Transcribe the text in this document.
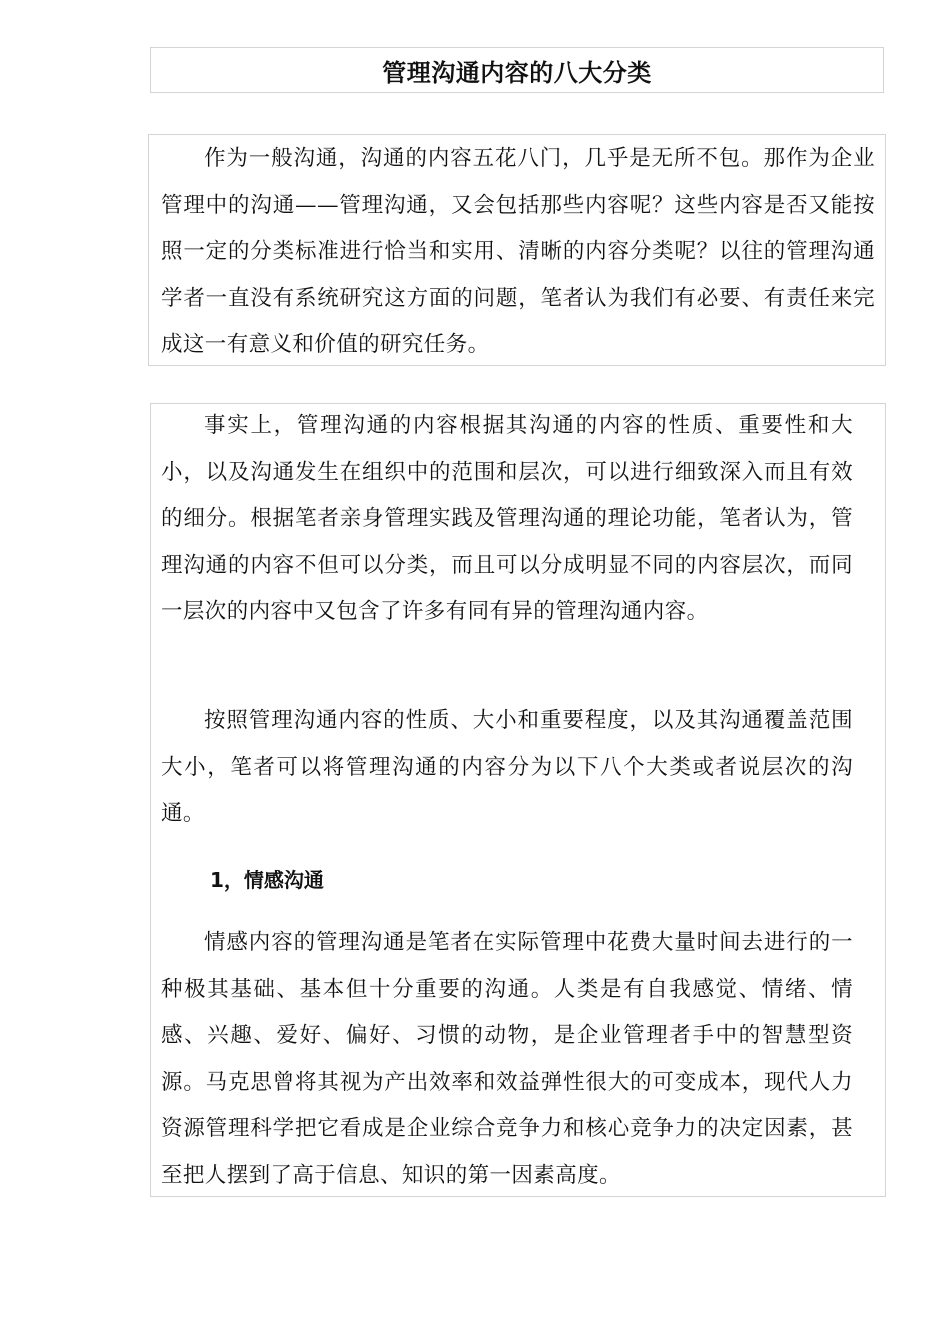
管理沟通内容的八大分类

作为一般沟通，沟通的内容五花八门，几乎是无所不包。那作为企业管理中的沟通——管理沟通，又会包括那些内容呢？这些内容是否又能按照一定的分类标准进行恰当和实用、清晰的内容分类呢？以往的管理沟通学者一直没有系统研究这方面的问题，笔者认为我们有必要、有责任来完成这一有意义和价值的研究任务。

事实上，管理沟通的内容根据其沟通的内容的性质、重要性和大小，以及沟通发生在组织中的范围和层次，可以进行细致深入而且有效的细分。根据笔者亲身管理实践及管理沟通的理论功能，笔者认为，管理沟通的内容不但可以分类，而且可以分成明显不同的内容层次，而同一层次的内容中又包含了许多有同有异的管理沟通内容。

按照管理沟通内容的性质、大小和重要程度，以及其沟通覆盖范围大小，笔者可以将管理沟通的内容分为以下八个大类或者说层次的沟通。

1，情感沟通

情感内容的管理沟通是笔者在实际管理中花费大量时间去进行的一种极其基础、基本但十分重要的沟通。人类是有自我感觉、情绪、情感、兴趣、爱好、偏好、习惯的动物，是企业管理者手中的智慧型资源。马克思曾将其视为产出效率和效益弹性很大的可变成本，现代人力资源管理科学把它看成是企业综合竞争力和核心竞争力的决定因素，甚至把人摆到了高于信息、知识的第一因素高度。
